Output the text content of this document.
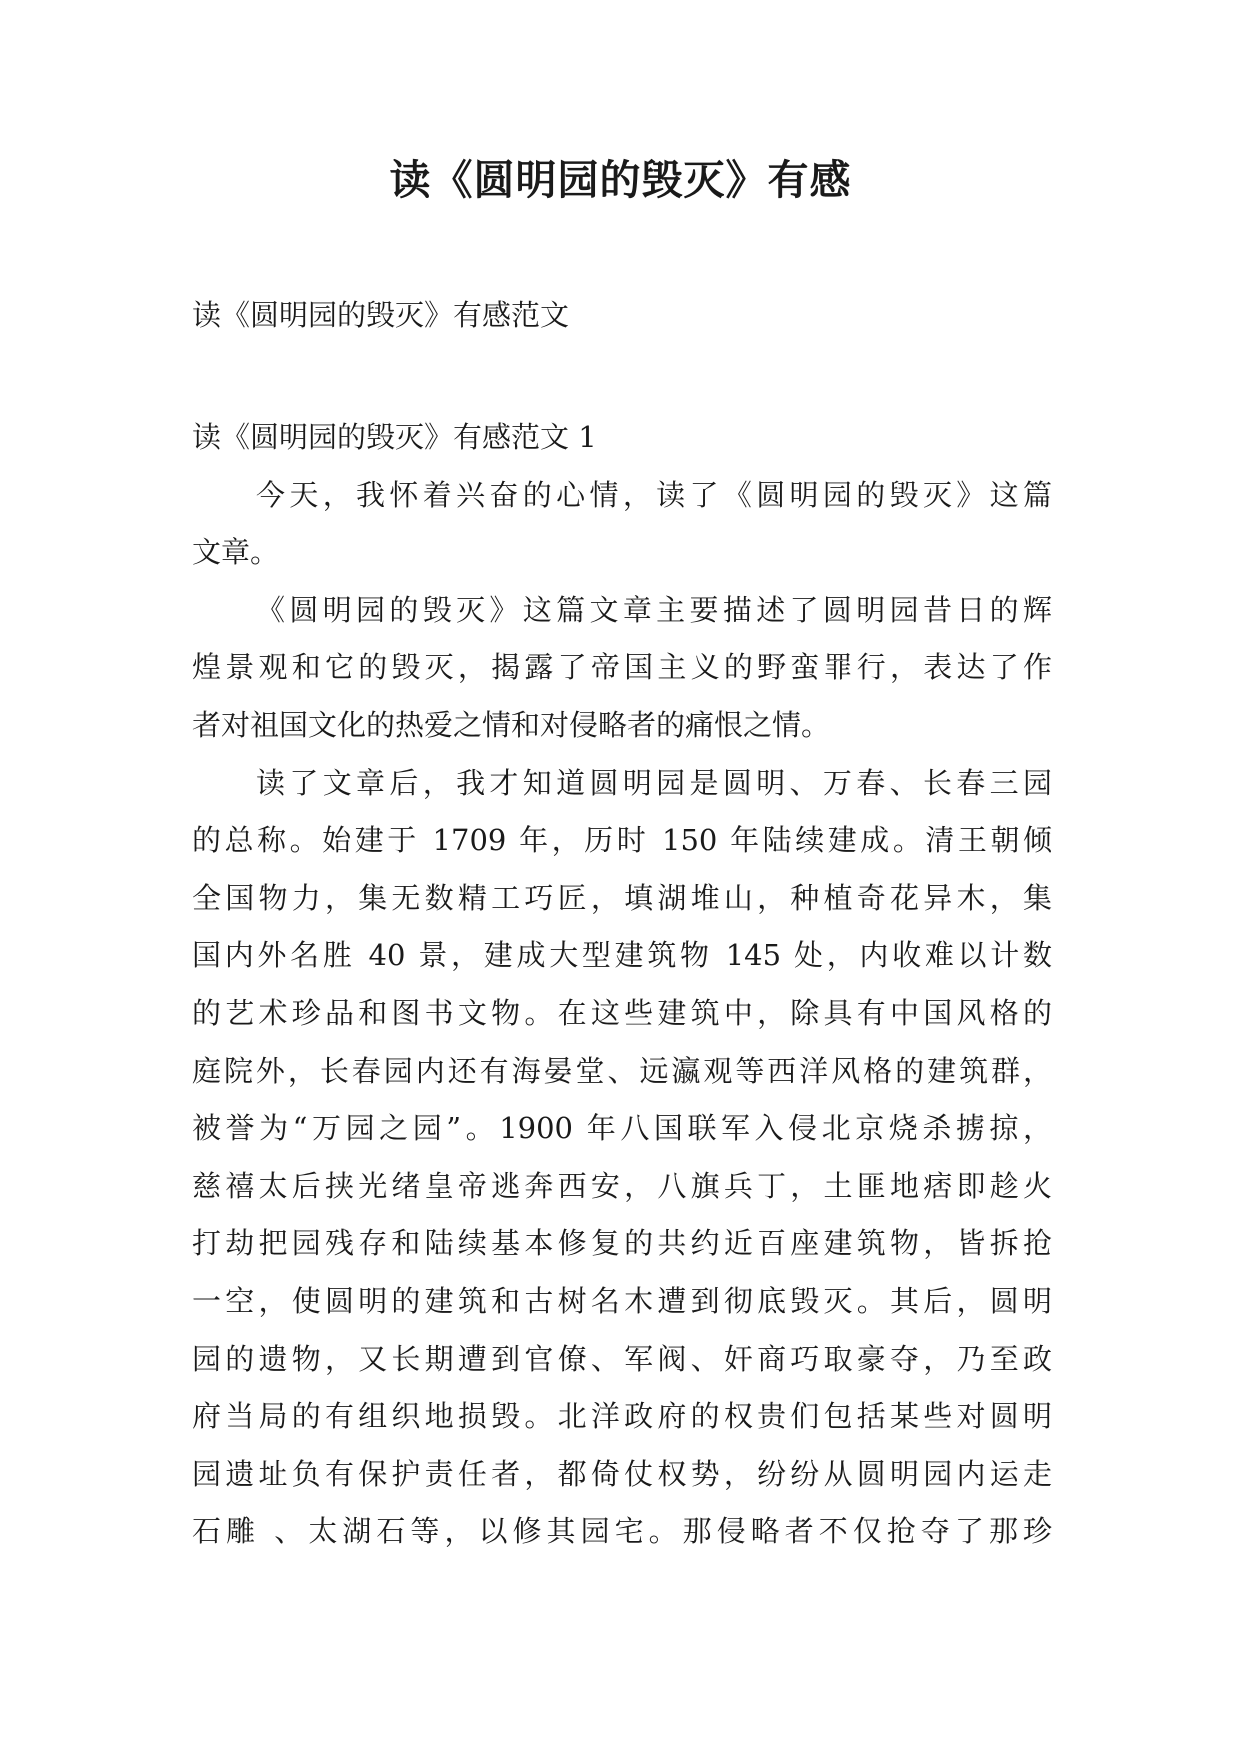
读《圆明园的毁灭》有感
读《圆明园的毁灭》有感范文
读《圆明园的毁灭》有感范文 1
今天，我怀着兴奋的心情，读了《圆明园的毁灭》这篇
文章。
《圆明园的毁灭》这篇文章主要描述了圆明园昔日的辉
煌景观和它的毁灭，揭露了帝国主义的野蛮罪行，表达了作
者对祖国文化的热爱之情和对侵略者的痛恨之情。
读了文章后，我才知道圆明园是圆明、万春、长春三园
的总称。始建于 1709 年，历时 150 年陆续建成。清王朝倾
全国物力，集无数精工巧匠，填湖堆山，种植奇花异木，集
国内外名胜 40 景，建成大型建筑物 145 处，内收难以计数
的艺术珍品和图书文物。在这些建筑中，除具有中国风格的
庭院外，长春园内还有海晏堂、远瀛观等西洋风格的建筑群，
被誉为“万园之园”。1900 年八国联军入侵北京烧杀掳掠，
慈禧太后挟光绪皇帝逃奔西安，八旗兵丁，土匪地痞即趁火
打劫把园残存和陆续基本修复的共约近百座建筑物，皆拆抢
一空，使圆明的建筑和古树名木遭到彻底毁灭。其后，圆明
园的遗物，又长期遭到官僚、军阀、奸商巧取豪夺，乃至政
府当局的有组织地损毁。北洋政府的权贵们包括某些对圆明
园遗址负有保护责任者，都倚仗权势，纷纷从圆明园内运走
石雕 、太湖石等，以修其园宅。那侵略者不仅抢夺了那珍
